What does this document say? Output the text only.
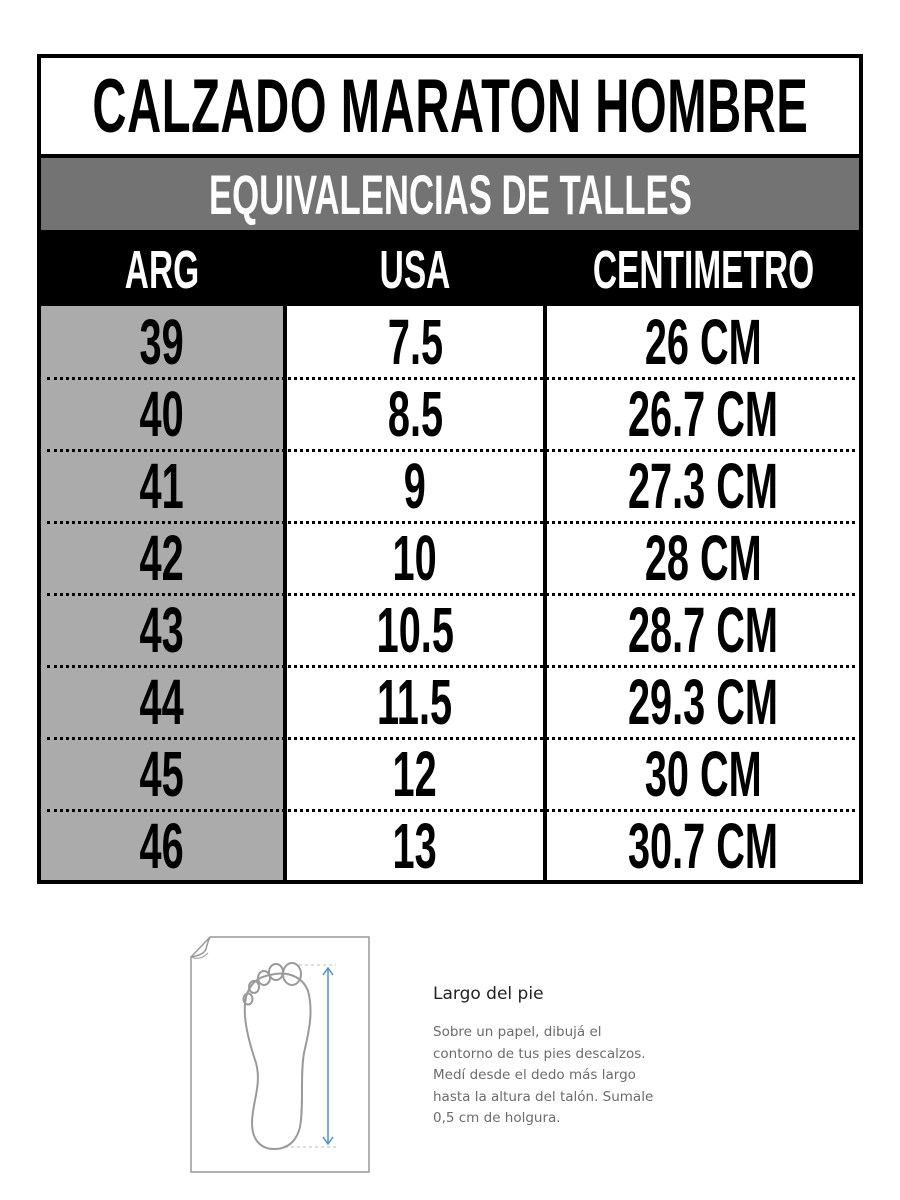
CALZADO MARATON HOMBRE
EQUIVALENCIAS DE TALLES
ARG	USA	CENTIMETRO
39	7.5	26 CM
40	8.5	26.7 CM
41	9	27.3 CM
42	10	28 CM
43	10.5	28.7 CM
44	11.5	29.3 CM
45	12	30 CM
46	13	30.7 CM
Largo del pie
Sobre un papel, dibujá el
contorno de tus pies descalzos.
Medí desde el dedo más largo
hasta la altura del talón. Sumale
0,5 cm de holgura.
